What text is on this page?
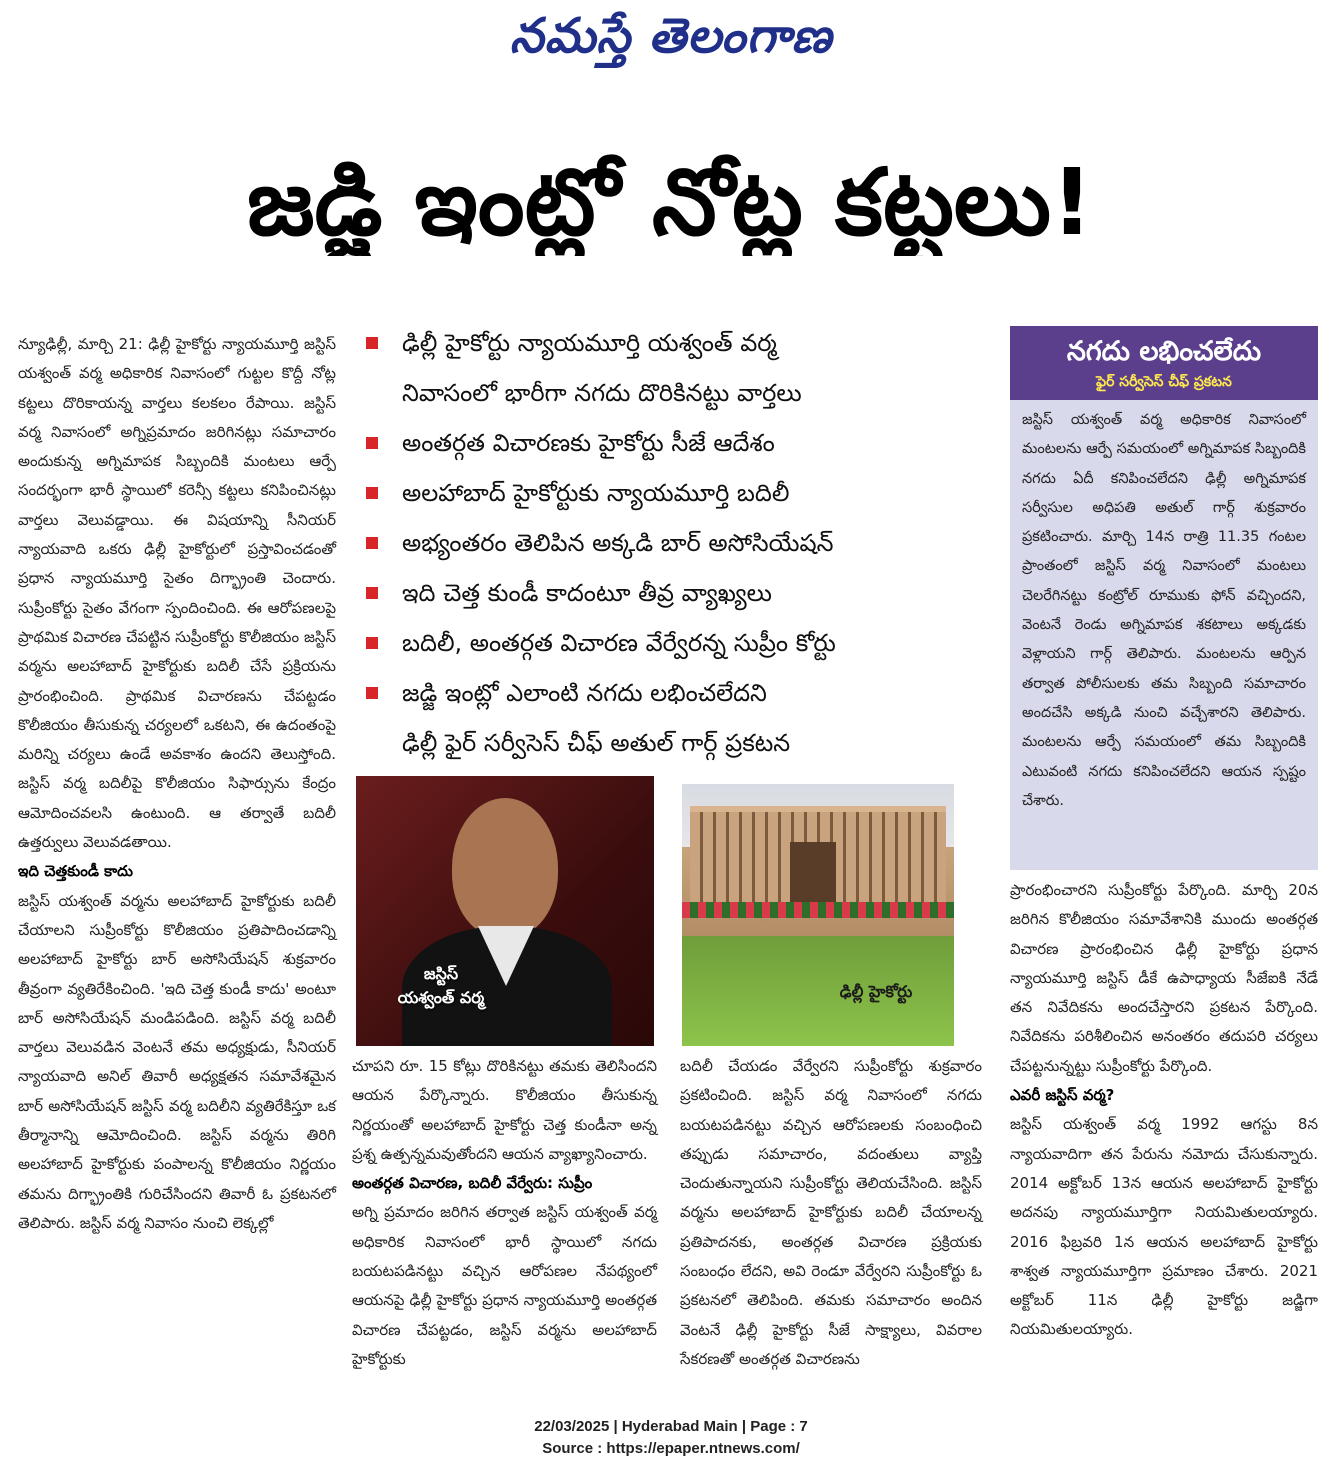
నమస్తే తెలంగాణ
జడ్జి ఇంట్లో నోట్ల కట్టలు!

న్యూఢిల్లీ, మార్చి 21: ఢిల్లీ హైకోర్టు న్యాయమూర్తి జస్టిస్ యశ్వంత్ వర్మ అధికారిక నివాసంలో గుట్టల కొద్దీ నోట్ల కట్టలు దొరికాయన్న వార్తలు కలకలం రేపాయి. జస్టిస్ వర్మ నివాసంలో అగ్నిప్రమాదం జరిగినట్లు సమాచారం అందుకున్న అగ్నిమాపక సిబ్బందికి మంటలు ఆర్పే సందర్భంగా భారీ స్థాయిలో కరెన్సీ కట్టలు కనిపించినట్లు వార్తలు వెలువడ్డాయి. ఈ విషయాన్ని సీనియర్ న్యాయవాది ఒకరు ఢిల్లీ హైకోర్టులో ప్రస్తావించడంతో ప్రధాన న్యాయమూర్తి సైతం దిగ్భ్రాంతి చెందారు. సుప్రీంకోర్టు సైతం వేగంగా స్పందించింది. ఈ ఆరోపణలపై ప్రాథమిక విచారణ చేపట్టిన సుప్రీంకోర్టు కొలీజియం జస్టిస్ వర్మను అలహాబాద్ హైకోర్టుకు బదిలీ చేసే ప్రక్రియను ప్రారంభించింది. ప్రాథమిక విచారణను చేపట్టడం కొలీజియం తీసుకున్న చర్యలలో ఒకటని, ఈ ఉదంతంపై మరిన్ని చర్యలు ఉండే అవకాశం ఉందని తెలుస్తోంది. జస్టిస్ వర్మ బదిలీపై కొలీజియం సిఫార్సును కేంద్రం ఆమోదించవలసి ఉంటుంది. ఆ తర్వాతే బదిలీ ఉత్తర్వులు వెలువడతాయి.

ఇది చెత్తకుండీ కాదు

జస్టిస్ యశ్వంత్ వర్మను అలహాబాద్ హైకోర్టుకు బదిలీ చేయాలని సుప్రీంకోర్టు కొలీజియం ప్రతిపాదించడాన్ని అలహాబాద్ హైకోర్టు బార్ అసోసియేషన్ శుక్రవారం తీవ్రంగా వ్యతిరేకించింది. 'ఇది చెత్త కుండీ కాదు' అంటూ బార్ అసోసియేషన్ మండిపడింది. జస్టిస్ వర్మ బదిలీ వార్తలు వెలువడిన వెంటనే తమ అధ్యక్షుడు, సీనియర్ న్యాయవాది అనిల్ తివారీ అధ్యక్షతన సమావేశమైన బార్ అసోసియేషన్ జస్టిస్ వర్మ బదిలీని వ్యతిరేకిస్తూ ఒక తీర్మానాన్ని ఆమోదించింది. జస్టిస్ వర్మను తిరిగి అలహాబాద్ హైకోర్టుకు పంపాలన్న కొలీజియం నిర్ణయం తమను దిగ్భ్రాంతికి గురిచేసిందని తివారీ ఓ ప్రకటనలో తెలిపారు. జస్టిస్ వర్మ నివాసం నుంచి లెక్కల్లో

ఢిల్లీ హైకోర్టు న్యాయమూర్తి యశ్వంత్ వర్మ
నివాసంలో భారీగా నగదు దొరికినట్టు వార్తలు
అంతర్గత విచారణకు హైకోర్టు సీజే ఆదేశం
అలహాబాద్ హైకోర్టుకు న్యాయమూర్తి బదిలీ
అభ్యంతరం తెలిపిన అక్కడి బార్ అసోసియేషన్
ఇది చెత్త కుండీ కాదంటూ తీవ్ర వ్యాఖ్యలు
బదిలీ, అంతర్గత విచారణ వేర్వేరన్న సుప్రీం కోర్టు
జడ్జి ఇంట్లో ఎలాంటి నగదు లభించలేదని
ఢిల్లీ ఫైర్ సర్వీసెస్ చీఫ్ అతుల్ గార్గ్ ప్రకటన
నగదు లభించలేదు
ఫైర్ సర్వీసెస్ చీఫ్ ప్రకటన
జస్టిస్ యశ్వంత్ వర్మ అధికారిక నివాసంలో మంటలను ఆర్పే సమయంలో అగ్నిమాపక సిబ్బందికి నగదు ఏదీ కనిపించలేదని ఢిల్లీ అగ్నిమాపక సర్వీసుల అధిపతి అతుల్ గార్గ్ శుక్రవారం ప్రకటించారు. మార్చి 14న రాత్రి 11.35 గంటల ప్రాంతంలో జస్టిస్ వర్మ నివాసంలో మంటలు చెలరేగినట్టు కంట్రోల్ రూముకు ఫోన్ వచ్చిందని, వెంటనే రెండు అగ్నిమాపక శకటాలు అక్కడకు వెళ్లాయని గార్గ్ తెలిపారు. మంటలను ఆర్పిన తర్వాత పోలీసులకు తమ సిబ్బంది సమాచారం అందచేసి అక్కడి నుంచి వచ్చేశారని తెలిపారు. మంటలను ఆర్పే సమయంలో తమ సిబ్బందికి ఎటువంటి నగదు కనిపించలేదని ఆయన స్పష్టం చేశారు.
జస్టిస్
యశ్వంత్ వర్మ	ఢిల్లీ హైకోర్టు

చూపని రూ. 15 కోట్లు దొరికినట్టు తమకు తెలిసిందని ఆయన పేర్కొన్నారు. కొలీజియం తీసుకున్న నిర్ణయంతో అలహాబాద్ హైకోర్టు చెత్త కుండీనా అన్న ప్రశ్న ఉత్పన్నమవుతోందని ఆయన వ్యాఖ్యానించారు.

అంతర్గత విచారణ, బదిలీ వేర్వేరు: సుప్రీం

అగ్ని ప్రమాదం జరిగిన తర్వాత జస్టిస్ యశ్వంత్ వర్మ అధికారిక నివాసంలో భారీ స్థాయిలో నగదు బయటపడినట్టు వచ్చిన ఆరోపణల నేపథ్యంలో ఆయనపై ఢిల్లీ హైకోర్టు ప్రధాన న్యాయమూర్తి అంతర్గత విచారణ చేపట్టడం, జస్టిస్ వర్మను అలహాబాద్ హైకోర్టుకు

బదిలీ చేయడం వేర్వేరని సుప్రీంకోర్టు శుక్రవారం ప్రకటించింది. జస్టిస్ వర్మ నివాసంలో నగదు బయటపడినట్టు వచ్చిన ఆరోపణలకు సంబంధించి తప్పుడు సమాచారం, వదంతులు వ్యాప్తి చెందుతున్నాయని సుప్రీంకోర్టు తెలియచేసింది. జస్టిస్ వర్మను అలహాబాద్ హైకోర్టుకు బదిలీ చేయాలన్న ప్రతిపాదనకు, అంతర్గత విచారణ ప్రక్రియకు సంబంధం లేదని, అవి రెండూ వేర్వేరని సుప్రీంకోర్టు ఓ ప్రకటనలో తెలిపింది. తమకు సమాచారం అందిన వెంటనే ఢిల్లీ హైకోర్టు సీజే సాక్ష్యాలు, వివరాల సేకరణతో అంతర్గత విచారణను

ప్రారంభించారని సుప్రీంకోర్టు పేర్కొంది. మార్చి 20న జరిగిన కొలీజియం సమావేశానికి ముందు అంతర్గత విచారణ ప్రారంభించిన ఢిల్లీ హైకోర్టు ప్రధాన న్యాయమూర్తి జస్టిస్ డీకే ఉపాధ్యాయ సీజేఐకి నేడే తన నివేదికను అందచేస్తారని ప్రకటన పేర్కొంది. నివేదికను పరిశీలించిన అనంతరం తదుపరి చర్యలు చేపట్టనున్నట్టు సుప్రీంకోర్టు పేర్కొంది.

ఎవరీ జస్టిస్ వర్మ?

జస్టిస్ యశ్వంత్ వర్మ 1992 ఆగస్టు 8న న్యాయవాదిగా తన పేరును నమోదు చేసుకున్నారు. 2014 అక్టోబర్ 13న ఆయన అలహాబాద్ హైకోర్టు అదనపు న్యాయమూర్తిగా నియమితులయ్యారు. 2016 ఫిబ్రవరి 1న ఆయన అలహాబాద్ హైకోర్టు శాశ్వత న్యాయమూర్తిగా ప్రమాణం చేశారు. 2021 అక్టోబర్ 11న ఢిల్లీ హైకోర్టు జడ్జిగా నియమితులయ్యారు.

22/03/2025 | Hyderabad Main | Page : 7
Source : https://epaper.ntnews.com/
